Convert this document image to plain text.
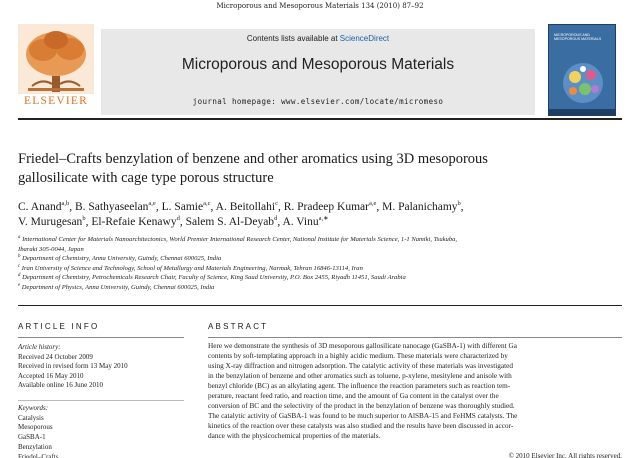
Microporous and Mesoporous Materials 134 (2010) 87–92
ELSEVIER
Contents lists available at ScienceDirect
Microporous and Mesoporous Materials
journal homepage: www.elsevier.com/locate/micromeso
MICROPOROUS AND MESOPOROUS MATERIALS
Friedel–Crafts benzylation of benzene and other aromatics using 3D mesoporous
gallosilicate with cage type porous structure
C. Anand$^{a,b}$, B. Sathyaseelan$^{a,e}$, L. Samie$^{a,c}$, A. Beitollahi$^c$, R. Pradeep Kumar$^{a,e}$, M. Palanichamy$^b$,
V. Murugesan$^b$, El-Refaie Kenawy$^d$, Salem S. Al-Deyab$^d$, A. Vinu$^{a,∗}$
$^a$ International Center for Materials Nanoarchitectonics, World Premier International Research Center, National Institute for Materials Science, 1-1 Namiki, Tsukuba,
Ibaraki 305-0044, Japan
$^b$ Department of Chemistry, Anna University, Guindy, Chennai 600025, India
$^c$ Iran University of Science and Technology, School of Metallurgy and Materials Engineering, Narmak, Tehran 16846-13114, Iran
$^d$ Department of Chemistry, Petrochemicals Research Chair, Faculty of Science, King Saud University, P.O. Box 2455, Riyadh 11451, Saudi Arabia
$^e$ Department of Physics, Anna University, Guindy, Chennai 600025, India
ARTICLE INFO
Article history:
Received 24 October 2009
Received in revised form 13 May 2010
Accepted 16 May 2010
Available online 16 June 2010
Keywords:
Catalysis
Mesoporous
GaSBA-1
Benzylation
Friedel–Crafts
ABSTRACT
Here we demonstrate the synthesis of 3D mesoporous gallosilicate nanocage (GaSBA-1) with different Ga
contents by soft-templating approach in a highly acidic medium. These materials were characterized by
using X-ray diffraction and nitrogen adsorption. The catalytic activity of these materials was investigated
in the benzylation of benzene and other aromatics such as toluene, p-xylene, mesitylene and anisole with
benzyl chloride (BC) as an alkylating agent. The influence the reaction parameters such as reaction tem-
perature, reactant feed ratio, and reaction time, and the amount of Ga content in the catalyst over the
conversion of BC and the selectivity of the product in the benzylation of benzene was thoroughly studied.
The catalytic activity of GaSBA-1 was found to be much superior to AlSBA-15 and FeHMS catalysts. The
kinetics of the reaction over these catalysts was also studied and the results have been discussed in accor-
dance with the physicochemical properties of the materials.
© 2010 Elsevier Inc. All rights reserved.
